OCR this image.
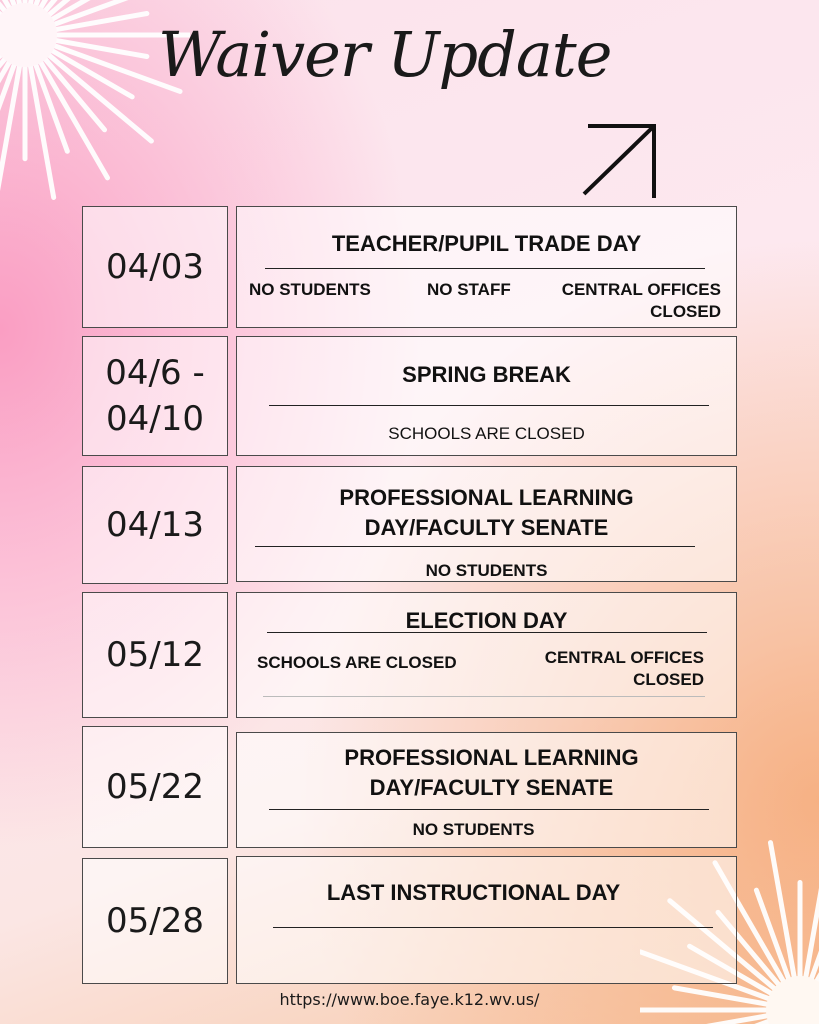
Waiver Update
04/03
TEACHER/PUPIL TRADE DAY
NO STUDENTS	NO STAFF	CENTRAL OFFICES CLOSED
04/6 - 04/10
SPRING BREAK
SCHOOLS ARE CLOSED
04/13
PROFESSIONAL LEARNING DAY/FACULTY SENATE
NO STUDENTS
05/12
ELECTION DAY
SCHOOLS ARE CLOSED	CENTRAL OFFICES CLOSED
05/22
PROFESSIONAL LEARNING DAY/FACULTY SENATE
NO STUDENTS
05/28
LAST INSTRUCTIONAL DAY
https://www.boe.faye.k12.wv.us/
